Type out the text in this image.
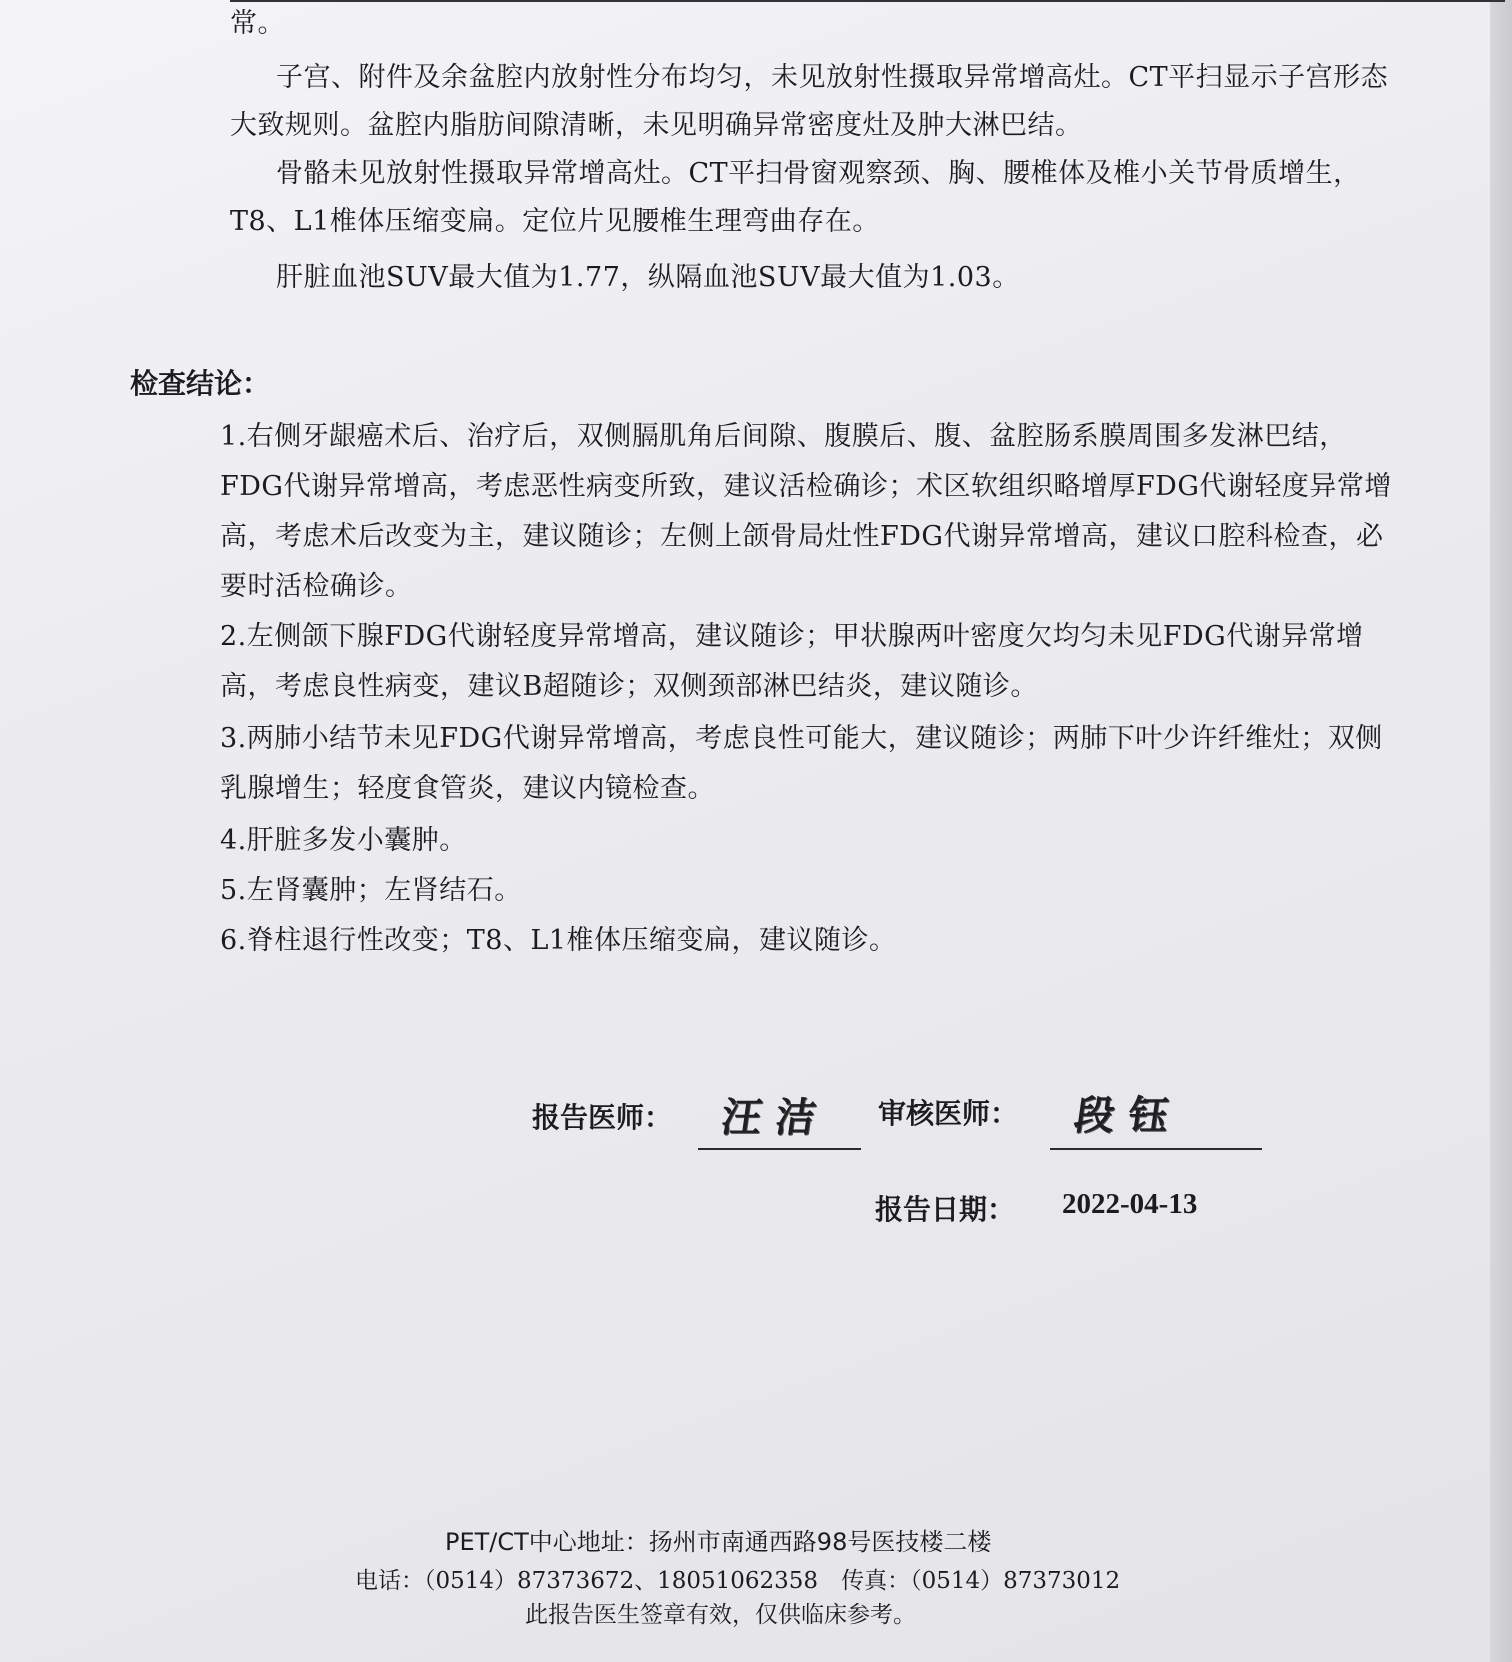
常。

子宫、附件及余盆腔内放射性分布均匀，未见放射性摄取异常增高灶。CT平扫显示子宫形态大致规则。盆腔内脂肪间隙清晰，未见明确异常密度灶及肿大淋巴结。

骨骼未见放射性摄取异常增高灶。CT平扫骨窗观察颈、胸、腰椎体及椎小关节骨质增生，T8、L1椎体压缩变扁。定位片见腰椎生理弯曲存在。

肝脏血池SUV最大值为1.77，纵隔血池SUV最大值为1.03。

检查结论：

1.右侧牙龈癌术后、治疗后，双侧膈肌角后间隙、腹膜后、腹、盆腔肠系膜周围多发淋巴结，FDG代谢异常增高，考虑恶性病变所致，建议活检确诊；术区软组织略增厚FDG代谢轻度异常增高，考虑术后改变为主，建议随诊；左侧上颌骨局灶性FDG代谢异常增高，建议口腔科检查，必要时活检确诊。

2.左侧颌下腺FDG代谢轻度异常增高，建议随诊；甲状腺两叶密度欠均匀未见FDG代谢异常增高，考虑良性病变，建议B超随诊；双侧颈部淋巴结炎，建议随诊。

3.两肺小结节未见FDG代谢异常增高，考虑良性可能大，建议随诊；两肺下叶少许纤维灶；双侧乳腺增生；轻度食管炎，建议内镜检查。

4.肝脏多发小囊肿。

5.左肾囊肿；左肾结石。

6.脊柱退行性改变；T8、L1椎体压缩变扁，建议随诊。

报告医师： 汪洁 审核医师： 段钰
报告日期： 2022-04-13

PET/CT中心地址：扬州市南通西路98号医技楼二楼

电话：（0514）87373672、18051062358　传真：（0514）87373012

此报告医生签章有效，仅供临床参考。
